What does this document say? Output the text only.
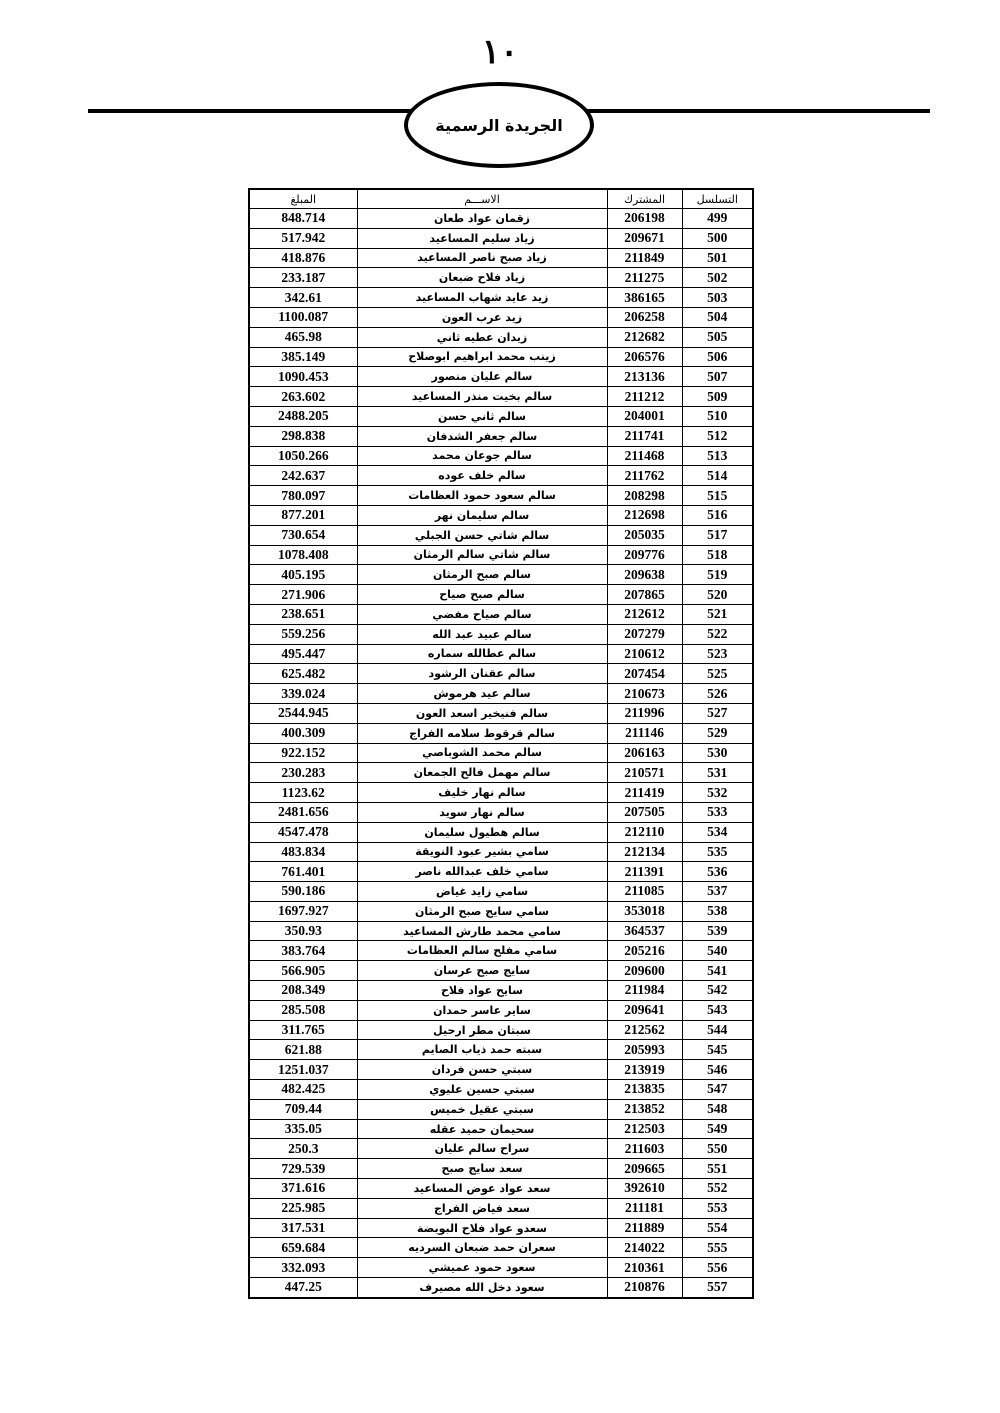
١٠
الجريدة الرسمية
التسلسل	المشترك	الاســـم	المبلغ
499	206198	زقمان عواد طعان	848.714
500	209671	زياد سليم المساعيد	517.942
501	211849	زياد صبح ناصر المساعيد	418.876
502	211275	زياد فلاح ضبعان	233.187
503	386165	زيد عايد شهاب المساعيد	342.61
504	206258	زيد عرب العون	1100.087
505	212682	زيدان عطيه ثاني	465.98
506	206576	زينب محمد ابراهيم ابوصلاح	385.149
507	213136	سالم عليان منصور	1090.453
509	211212	سالم بخيت منذر المساعيد	263.602
510	204001	سالم ثاني حسن	2488.205
512	211741	سالم جعفر الشدفان	298.838
513	211468	سالم جوعان محمد	1050.266
514	211762	سالم خلف عوده	242.637
515	208298	سالم سعود حمود العظامات	780.097
516	212698	سالم سليمان نهر	877.201
517	205035	سالم شاتي حسن الجبلي	730.654
518	209776	سالم شاتي سالم الرمثان	1078.408
519	209638	سالم صبح الرمثان	405.195
520	207865	سالم صبح صياح	271.906
521	212612	سالم صياح مفضي	238.651
522	207279	سالم عبيد عبد الله	559.256
523	210612	سالم عطالله سماره	495.447
525	207454	سالم عقنان الرشود	625.482
526	210673	سالم عيد هرموش	339.024
527	211996	سالم فنيخير اسعد العون	2544.945
529	211146	سالم قرقوط سلامه الفراج	400.309
530	206163	سالم محمد الشوباصي	922.152
531	210571	سالم مهمل فالح الجمعان	230.283
532	211419	سالم نهار خليف	1123.62
533	207505	سالم نهار سويد	2481.656
534	212110	سالم هطيول سليمان	4547.478
535	212134	سامي بشير عبود النويقة	483.834
536	211391	سامي خلف عبدالله ناصر	761.401
537	211085	سامي زايد غياض	590.186
538	353018	سامي سايج صبح الرمثان	1697.927
539	364537	سامي محمد طارش المساعيد	350.93
540	205216	سامي مفلح سالم العظامات	383.764
541	209600	سايج صبح عرسان	566.905
542	211984	سايح عواد فلاح	208.349
543	209641	ساير عاسر حمدان	285.508
544	212562	سبتان مطر ارحيل	311.765
545	205993	سبته حمد ذياب الصايم	621.88
546	213919	سبتي حسن فردان	1251.037
547	213835	سبتي حسين عليوي	482.425
548	213852	سبتي عقيل خميس	709.44
549	212503	سحيمان حميد عقله	335.05
550	211603	سراح سالم عليان	250.3
551	209665	سعد سايج صبح	729.539
552	392610	سعد عواد عوض المساعيد	371.616
553	211181	سعد فياض الفراج	225.985
554	211889	سعدو عواد فلاح البويضة	317.531
555	214022	سعران حمد ضبعان السرديه	659.684
556	210361	سعود حمود عميشي	332.093
557	210876	سعود دخل الله مصيرف	447.25
